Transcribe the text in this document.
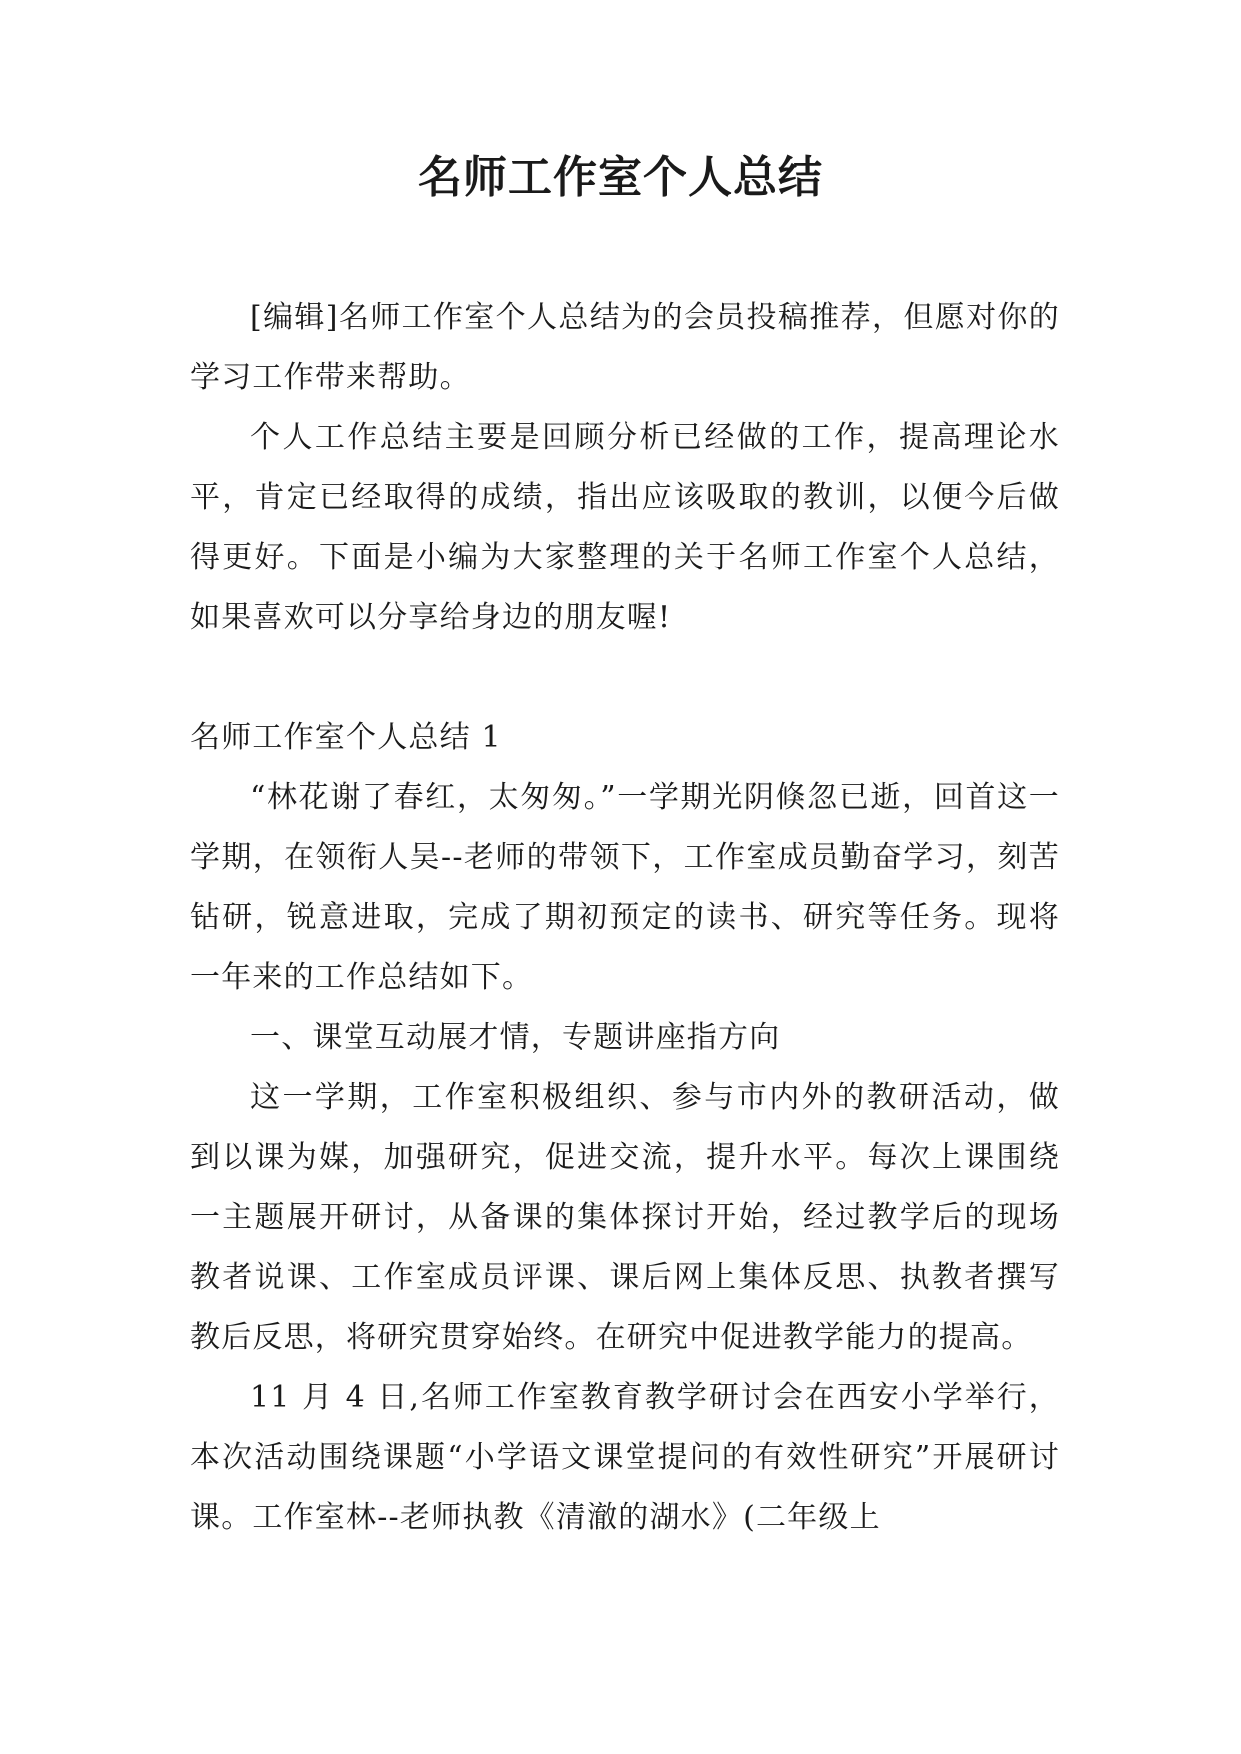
名师工作室个人总结

[编辑]名师工作室个人总结为的会员投稿推荐，但愿对你的学习工作带来帮助。

个人工作总结主要是回顾分析已经做的工作，提高理论水平，肯定已经取得的成绩，指出应该吸取的教训，以便今后做得更好。下面是小编为大家整理的关于名师工作室个人总结，如果喜欢可以分享给身边的朋友喔!

名师工作室个人总结 1

“林花谢了春红，太匆匆。”一学期光阴倏忽已逝，回首这一学期，在领衔人吴--老师的带领下，工作室成员勤奋学习，刻苦钻研，锐意进取，完成了期初预定的读书、研究等任务。现将一年来的工作总结如下。

一、课堂互动展才情，专题讲座指方向

这一学期，工作室积极组织、参与市内外的教研活动，做到以课为媒，加强研究，促进交流，提升水平。每次上课围绕一主题展开研讨，从备课的集体探讨开始，经过教学后的现场教者说课、工作室成员评课、课后网上集体反思、执教者撰写教后反思，将研究贯穿始终。在研究中促进教学能力的提高。

11 月 4 日,名师工作室教育教学研讨会在西安小学举行，本次活动围绕课题“小学语文课堂提问的有效性研究”开展研讨课。工作室林--老师执教《清澈的湖水》(二年级上
